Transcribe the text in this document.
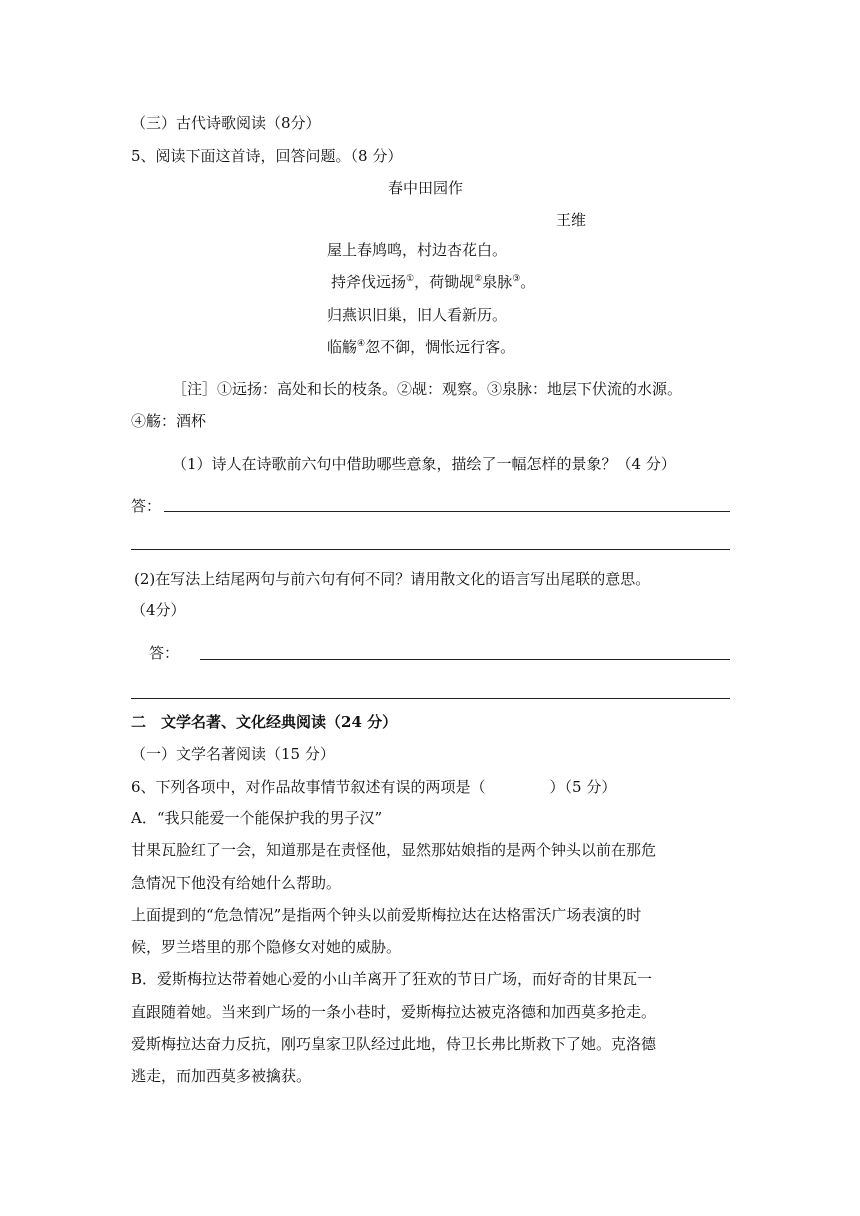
（三）古代诗歌阅读（8分）
5、阅读下面这首诗，回答问题。（8 分）
春中田园作
王维
屋上春鸠鸣，村边杏花白。
持斧伐远扬①，荷锄觇②泉脉③。
归燕识旧巢，旧人看新历。
临觞④忽不御，惆怅远行客。
［注］①远扬：高处和长的枝条。②觇：观察。③泉脉：地层下伏流的水源。
④觞：酒杯
（1）诗人在诗歌前六句中借助哪些意象，描绘了一幅怎样的景象？（4 分）
答：
(2)在写法上结尾两句与前六句有何不同？请用散文化的语言写出尾联的意思。
（4分）
答：
二　文学名著、文化经典阅读（24 分）
（一）文学名著阅读（15 分）
6、下列各项中，对作品故事情节叙述有误的两项是（	）（5 分）
A．“我只能爱一个能保护我的男子汉”
甘果瓦脸红了一会，知道那是在责怪他，显然那姑娘指的是两个钟头以前在那危
急情况下他没有给她什么帮助。
上面提到的“危急情况”是指两个钟头以前爱斯梅拉达在达格雷沃广场表演的时
候，罗兰塔里的那个隐修女对她的威胁。
B．爱斯梅拉达带着她心爱的小山羊离开了狂欢的节日广场，而好奇的甘果瓦一
直跟随着她。当来到广场的一条小巷时，爱斯梅拉达被克洛德和加西莫多抢走。
爱斯梅拉达奋力反抗，刚巧皇家卫队经过此地，侍卫长弗比斯救下了她。克洛德
逃走，而加西莫多被擒获。
